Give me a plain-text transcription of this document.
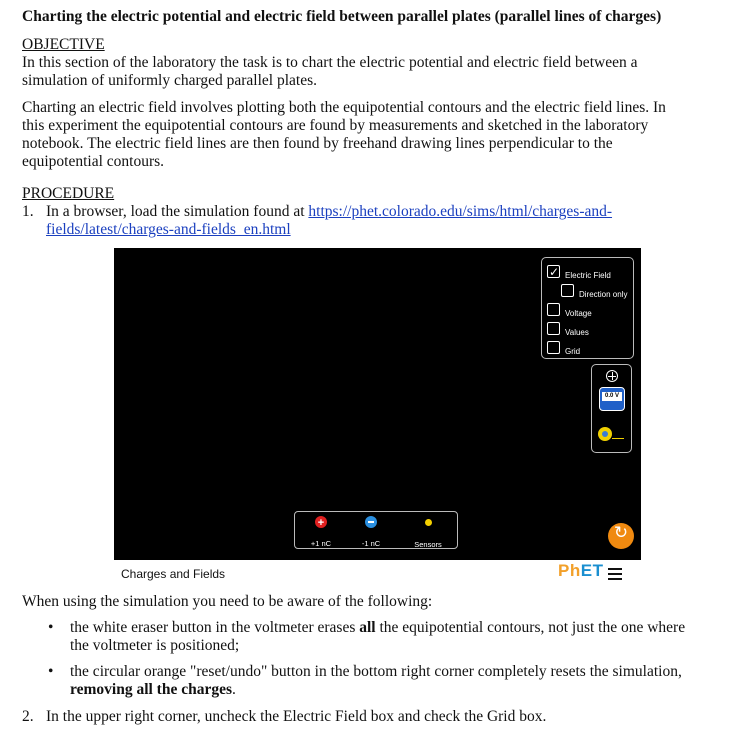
Charting the electric potential and electric field between parallel plates (parallel lines of charges)
OBJECTIVE
In this section of the laboratory the task is to chart the electric potential and electric field between a
simulation of uniformly charged parallel plates.
Charting an electric field involves plotting both the equipotential contours and the electric field lines. In
this experiment the equipotential contours are found by measurements and sketched in the laboratory
notebook. The electric field lines are then found by freehand drawing lines perpendicular to the
equipotential contours.
PROCEDURE
1. In a browser, load the simulation found at https://phet.colorado.edu/sims/html/charges-and-
fields/latest/charges-and-fields_en.html
✓
Electric Field
Direction only
Voltage
Values
Grid
0.0 V
+
+1 nC	-1 nC	Sensors
↻
Charges and Fields	PhET
When using the simulation you need to be aware of the following:
• the white eraser button in the voltmeter erases all the equipotential contours, not just the one where
the voltmeter is positioned;
• the circular orange "reset/undo" button in the bottom right corner completely resets the simulation,
removing all the charges.
2. In the upper right corner, uncheck the Electric Field box and check the Grid box.
